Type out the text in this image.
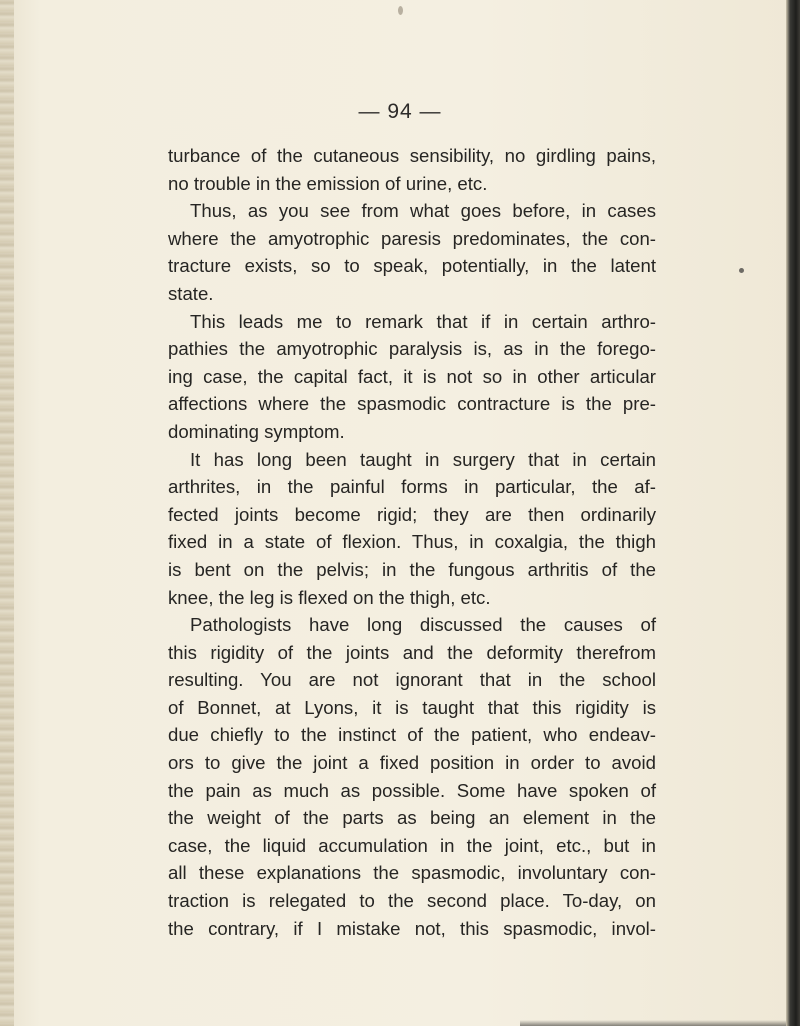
— 94 —
turbance of the cutaneous sensibility, no girdling pains,
no trouble in the emission of urine, etc.
Thus, as you see from what goes before, in cases
where the amyotrophic paresis predominates, the con-
tracture exists, so to speak, potentially, in the latent
state.
This leads me to remark that if in certain arthro-
pathies the amyotrophic paralysis is, as in the forego-
ing case, the capital fact, it is not so in other articular
affections where the spasmodic contracture is the pre-
dominating symptom.
It has long been taught in surgery that in certain
arthrites, in the painful forms in particular, the af-
fected joints become rigid; they are then ordinarily
fixed in a state of flexion. Thus, in coxalgia, the thigh
is bent on the pelvis; in the fungous arthritis of the
knee, the leg is flexed on the thigh, etc.
Pathologists have long discussed the causes of
this rigidity of the joints and the deformity therefrom
resulting. You are not ignorant that in the school
of Bonnet, at Lyons, it is taught that this rigidity is
due chiefly to the instinct of the patient, who endeav-
ors to give the joint a fixed position in order to avoid
the pain as much as possible. Some have spoken of
the weight of the parts as being an element in the
case, the liquid accumulation in the joint, etc., but in
all these explanations the spasmodic, involuntary con-
traction is relegated to the second place. To-day, on
the contrary, if I mistake not, this spasmodic, invol-
